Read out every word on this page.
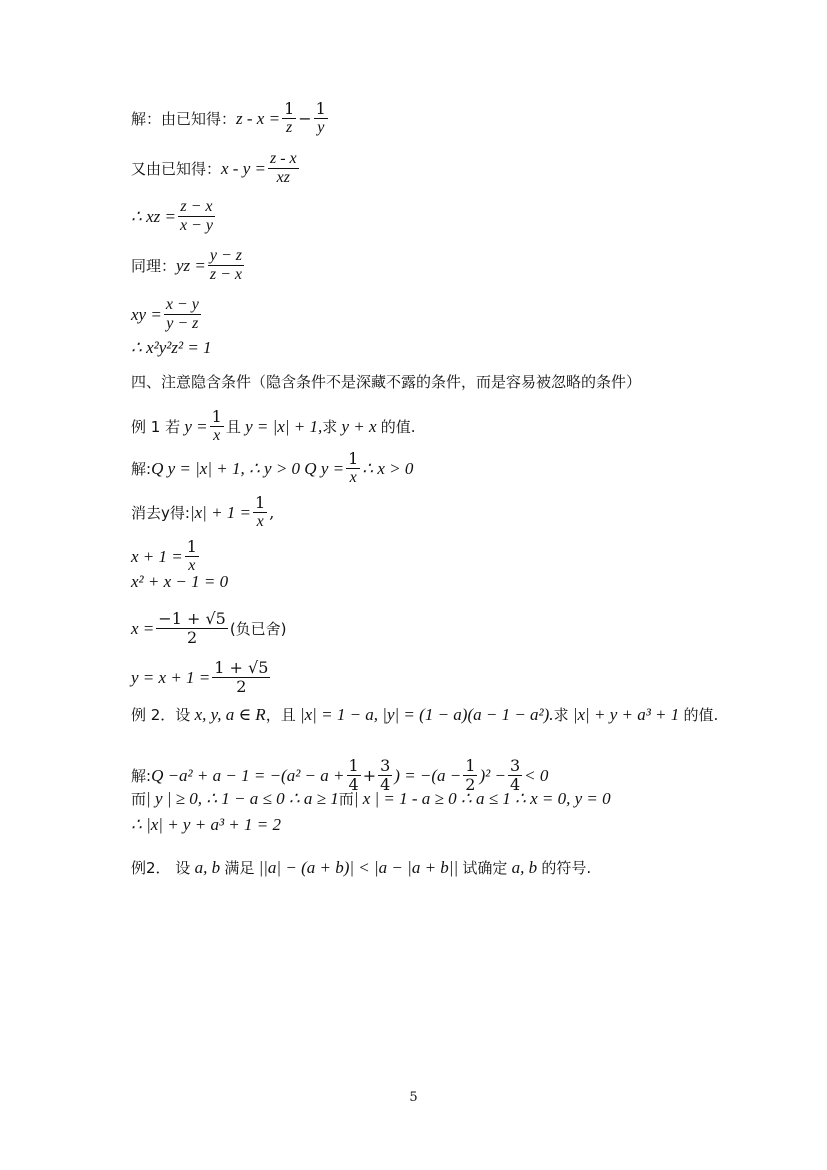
解：由已知得： $z - x = \frac{1}{z} - \frac{1}{y}$
又由已知得： $x - y = \frac{z - x}{xz}$
∴ xz = $\frac{z - x}{x - y}$
同理： yz = $\frac{y - z}{z - x}$
xy = $\frac{x - y}{y - z}$
∴ x²y²z² = 1
四、注意隐含条件（隐含条件不是深藏不露的条件，而是容易被忽略的条件）
例 1 若 $y = \frac{1}{x}$ 且 y = |x| + 1, 求 y + x 的值.
解: Q y = |x| + 1, ∴ y > 0 Q $y = \frac{1}{x}$ ∴ x > 0
消去y得: $|x| + 1 = \frac{1}{x}$ ,
$x + 1 = \frac{1}{x}$
x² + x − 1 = 0
$x = \frac{-1 + √5}{2}$ (负已舍)
$y = x + 1 = \frac{1 + √5}{2}$
例 2．设 x, y, a ∈ R ，且 |x| = 1 − a, |y| = (1 − a)(a − 1 − a²). 求 |x| + y + a³ + 1 的值.
解: $Q -a^2 + a - 1 = -(a^2 - a + \frac{1}{4} + \frac{3}{4}$ ) = $-(a - \frac{1}{2} )^2 - \frac{3}{4} < 0$
而 | y | ≥ 0, ∴ 1 − a ≤ 0 ∴ a ≥ 1 而 | x | = 1 - a ≥ 0 ∴ a ≤ 1 ∴ x = 0, y = 0
∴ |x| + y + a³ + 1 = 2
例2． 设 a, b 满足 ||a| − (a + b)| < |a − |a + b|| 试确定 a, b 的符号.
5
